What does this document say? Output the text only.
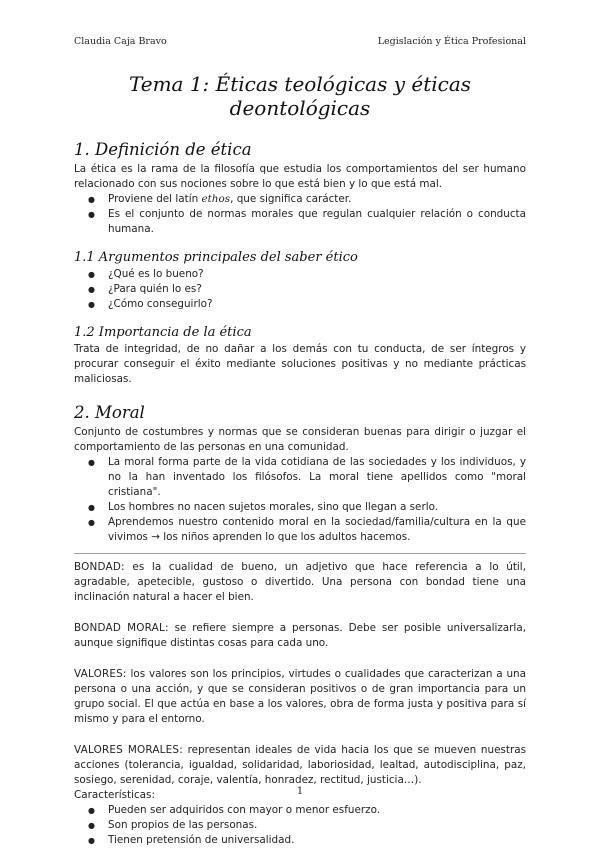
Claudia Caja Bravo	Legislación y Ética Profesional
Tema 1: Éticas teológicas y éticas deontológicas
1. Definición de ética

La ética es la rama de la filosofía que estudia los comportamientos del ser humano relacionado con sus nociones sobre lo que está bien y lo que está mal.

● Proviene del latín ethos, que significa carácter.
● Es el conjunto de normas morales que regulan cualquier relación o conducta humana.
1.1 Argumentos principales del saber ético
● ¿Qué es lo bueno?
● ¿Para quién lo es?
● ¿Cómo conseguirlo?
1.2 Importancia de la ética

Trata de integridad, de no dañar a los demás con tu conducta, de ser íntegros y procurar conseguir el éxito mediante soluciones positivas y no mediante prácticas maliciosas.

2. Moral

Conjunto de costumbres y normas que se consideran buenas para dirigir o juzgar el comportamiento de las personas en una comunidad.

● La moral forma parte de la vida cotidiana de las sociedades y los individuos, y no la han inventado los filósofos. La moral tiene apellidos como "moral cristiana".
● Los hombres no nacen sujetos morales, sino que llegan a serlo.
● Aprendemos nuestro contenido moral en la sociedad/familia/cultura en la que vivimos → los niños aprenden lo que los adultos hacemos.

BONDAD: es la cualidad de bueno, un adjetivo que hace referencia a lo útil, agradable, apetecible, gustoso o divertido. Una persona con bondad tiene una inclinación natural a hacer el bien.

BONDAD MORAL: se refiere siempre a personas. Debe ser posible universalizarla, aunque signifique distintas cosas para cada uno.

VALORES: los valores son los principios, virtudes o cualidades que caracterizan a una persona o una acción, y que se consideran positivos o de gran importancia para un grupo social. El que actúa en base a los valores, obra de forma justa y positiva para sí mismo y para el entorno.

VALORES MORALES: representan ideales de vida hacia los que se mueven nuestras acciones (tolerancia, igualdad, solidaridad, laboriosidad, lealtad, autodisciplina, paz, sosiego, serenidad, coraje, valentía, honradez, rectitud, justicia…).

Características:

● Pueden ser adquiridos con mayor o menor esfuerzo.
● Son propios de las personas.
● Tienen pretensión de universalidad.
1
